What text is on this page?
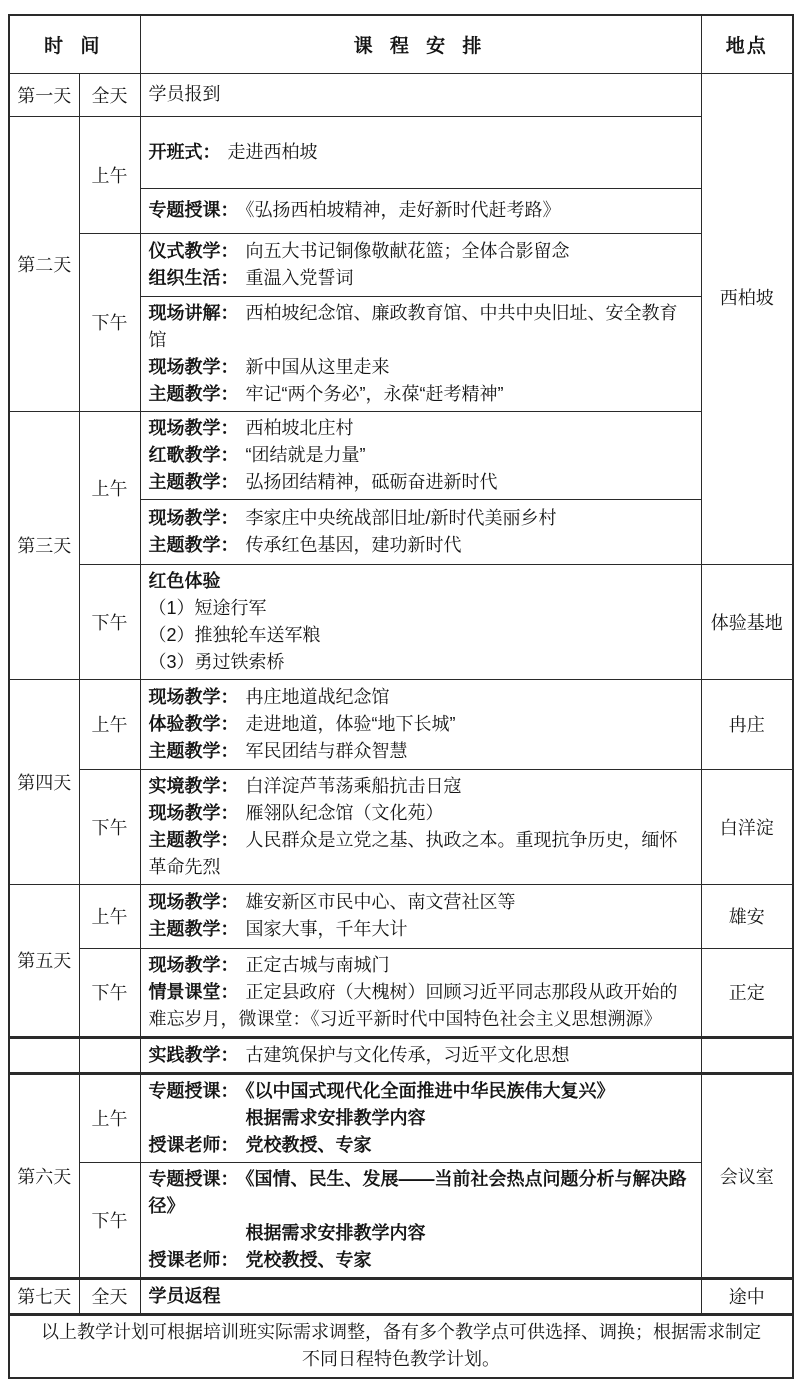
时 间		课 程 安 排	地点
第一天	全天	学员报到	西柏坡
第二天	上午	开班式： 走进西柏坡	

		专题授课： 《弘扬西柏坡精神，走好新时代赶考路》	

	下午	仪式教学： 向五大书记铜像敬献花篮；全体合影留念
组织生活： 重温入党誓词	

		现场讲解： 西柏坡纪念馆、廉政教育馆、中共中央旧址、安全教育馆
现场教学： 新中国从这里走来
主题教学： 牢记“两个务必”，永葆“赶考精神”	

第三天	上午	现场教学： 西柏坡北庄村
红歌教学： “团结就是力量”
主题教学： 弘扬团结精神，砥砺奋进新时代	

		现场教学： 李家庄中央统战部旧址/新时代美丽乡村
主题教学： 传承红色基因，建功新时代	

	下午	红色体验
（1）短途行军
（2）推独轮车送军粮
（3）勇过铁索桥	体验基地
第四天	上午	现场教学： 冉庄地道战纪念馆
体验教学： 走进地道，体验“地下长城”
主题教学： 军民团结与群众智慧	冉庄
	下午	实境教学： 白洋淀芦苇荡乘船抗击日寇
现场教学： 雁翎队纪念馆（文化苑）
主题教学： 人民群众是立党之基、执政之本。重现抗争历史，缅怀革命先烈	白洋淀
第五天	上午	现场教学： 雄安新区市民中心、南文营社区等
主题教学： 国家大事，千年大计	雄安
	下午	现场教学： 正定古城与南城门
情景课堂： 正定县政府（大槐树）回顾习近平同志那段从政开始的难忘岁月，微课堂：《习近平新时代中国特色社会主义思想溯源》	正定

		实践教学： 古建筑保护与文化传承，习近平文化思想	

第六天	上午	专题授课： 《以中国式现代化全面推进中华民族伟大复兴》
根据需求安排教学内容
授课老师： 党校教授、专家	会议室
	下午	专题授课： 《国情、民生、发展——当前社会热点问题分析与解决路径》
根据需求安排教学内容
授课老师： 党校教授、专家	

第七天	全天	学员返程	途中
以上教学计划可根据培训班实际需求调整，备有多个教学点可供选择、调换；根据需求制定不同日程特色教学计划。			
